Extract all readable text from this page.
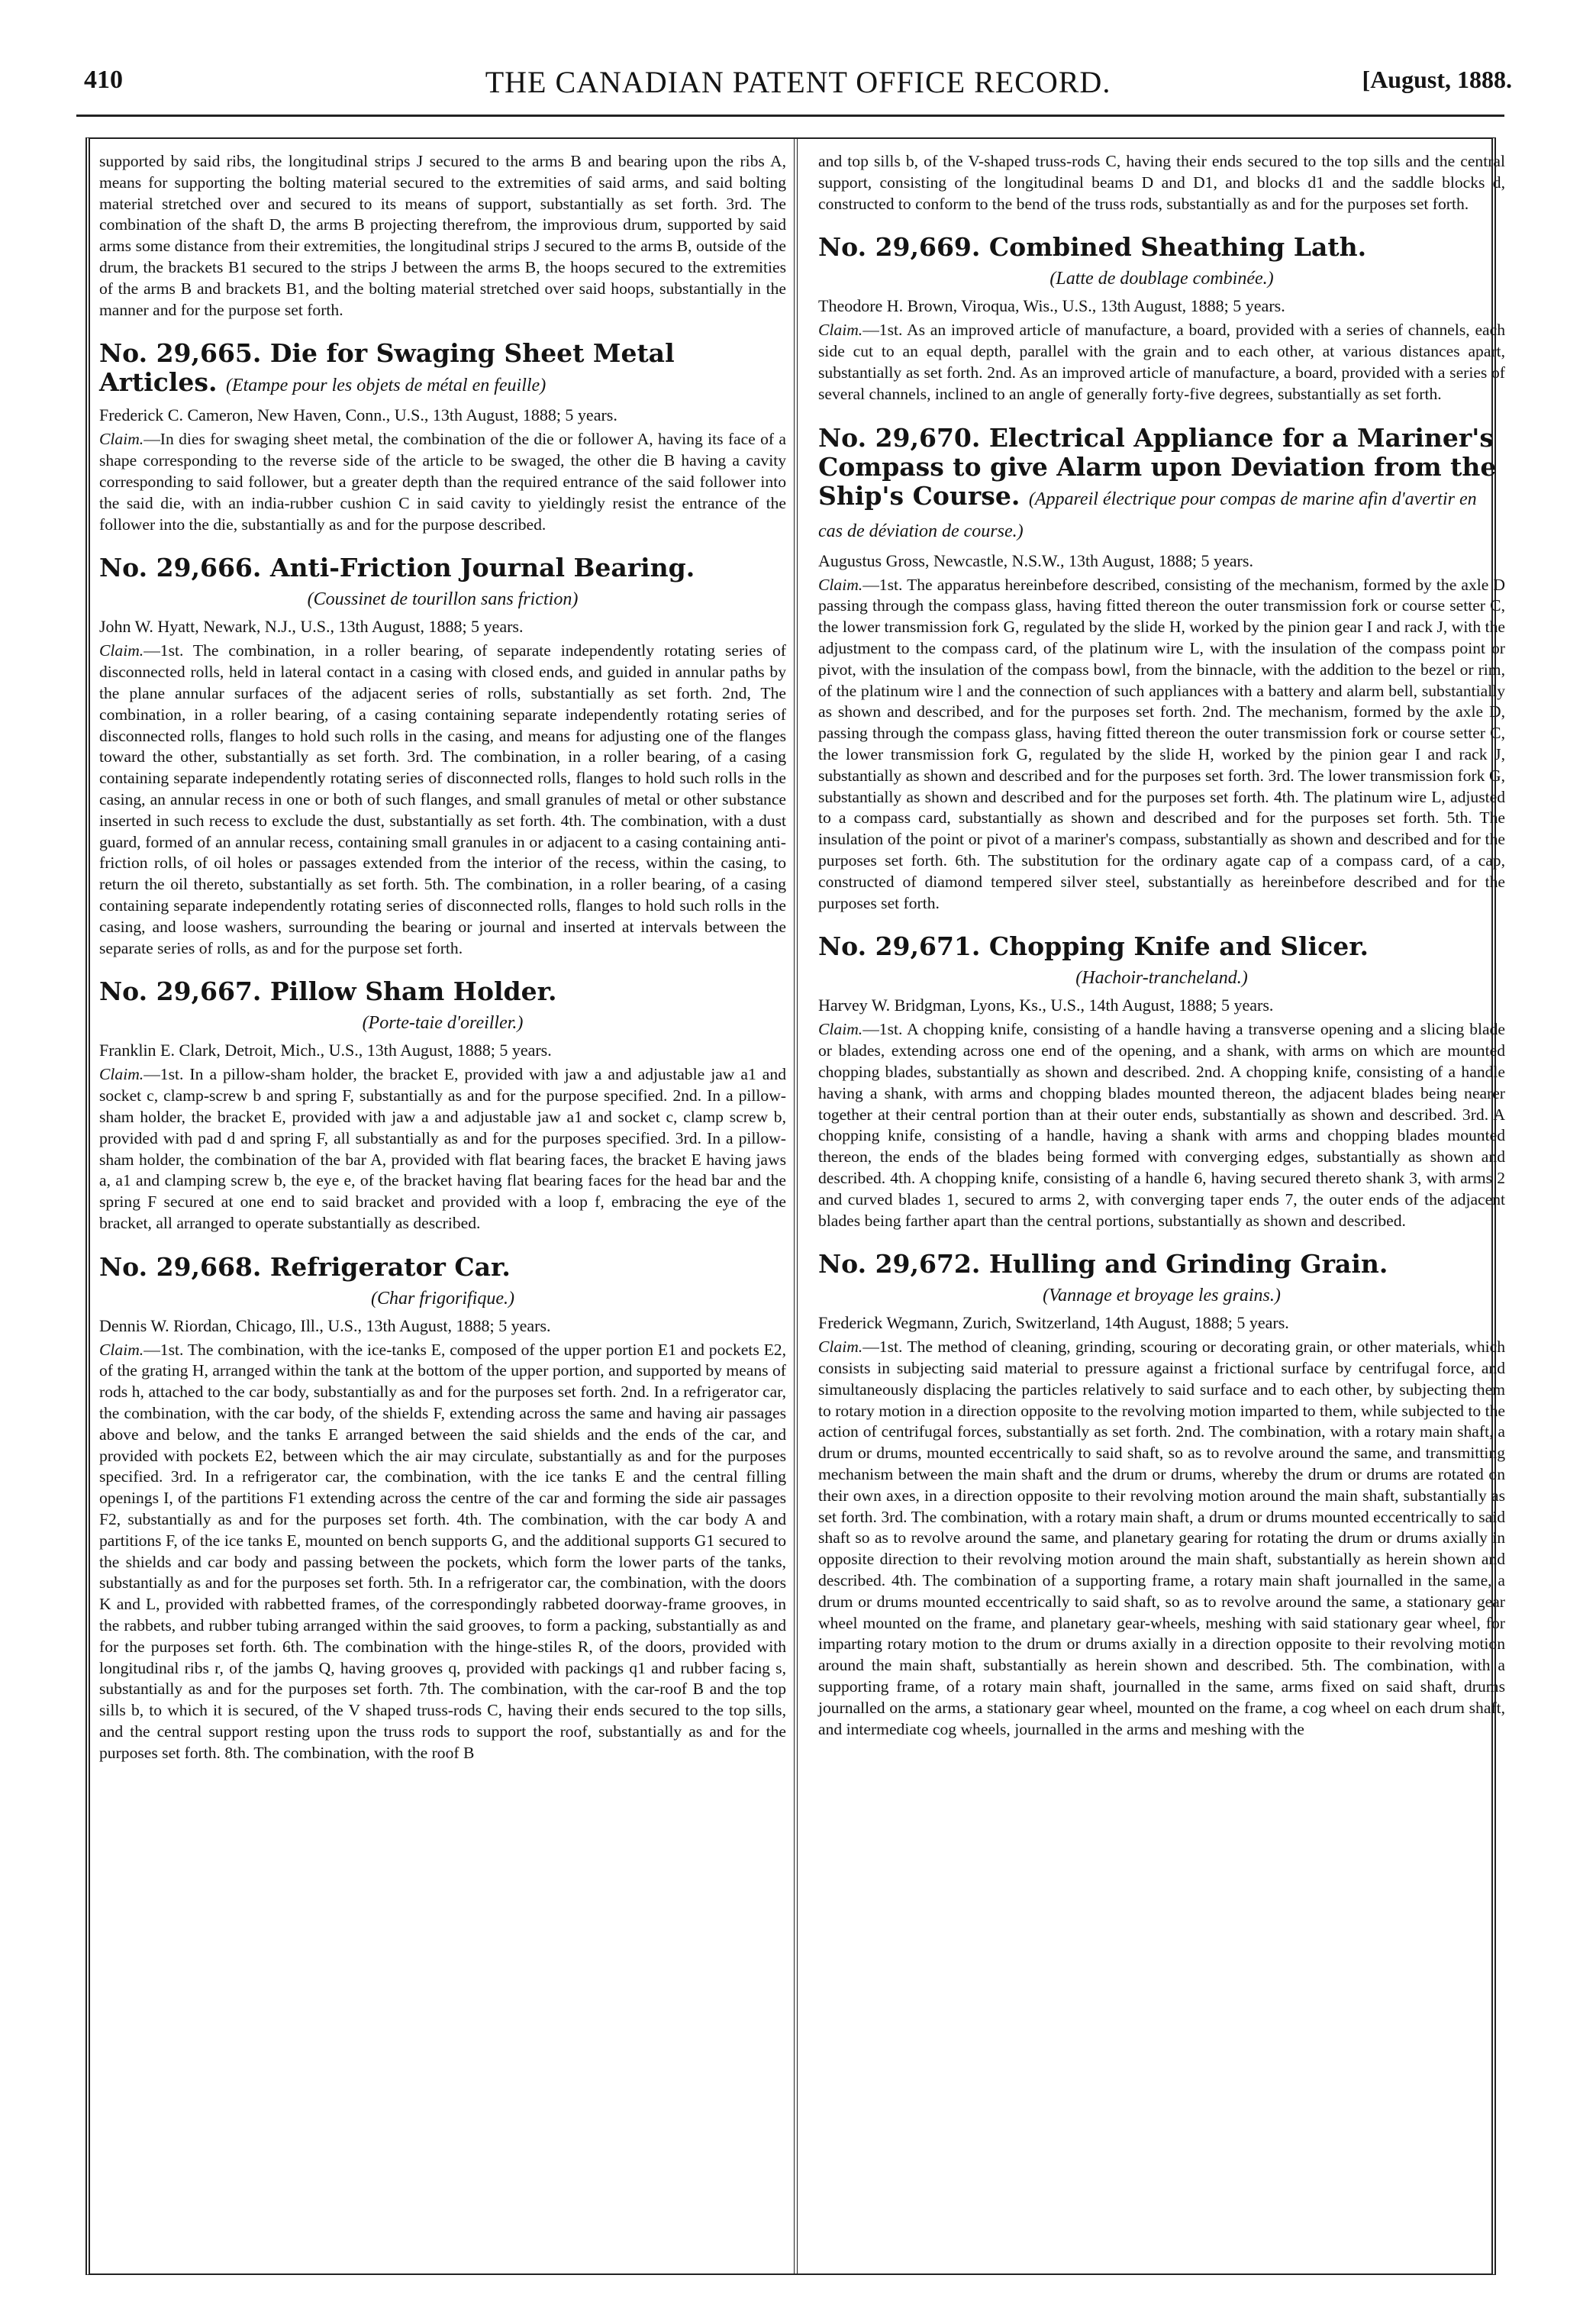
410	THE CANADIAN PATENT OFFICE RECORD.	[August, 1888.

supported by said ribs, the longitudinal strips J secured to the arms B and bearing upon the ribs A, means for supporting the bolting material secured to the extremities of said arms, and said bolting material stretched over and secured to its means of support, substantially as set forth. 3rd. The combination of the shaft D, the arms B projecting therefrom, the improvious drum, supported by said arms some distance from their extremities, the longitudinal strips J secured to the arms B, outside of the drum, the brackets B1 secured to the strips J between the arms B, the hoops secured to the extremities of the arms B and brackets B1, and the bolting material stretched over said hoops, substantially in the manner and for the purpose set forth.

No. 29,665. Die for Swaging Sheet Metal Articles. (Etampe pour les objets de métal en feuille)

Frederick C. Cameron, New Haven, Conn., U.S., 13th August, 1888; 5 years.

Claim.—In dies for swaging sheet metal, the combination of the die or follower A, having its face of a shape corresponding to the reverse side of the article to be swaged, the other die B having a cavity corresponding to said follower, but a greater depth than the required entrance of the said follower into the said die, with an india-rubber cushion C in said cavity to yieldingly resist the entrance of the follower into the die, substantially as and for the purpose described.

No. 29,666. Anti-Friction Journal Bearing.

(Coussinet de tourillon sans friction)

John W. Hyatt, Newark, N.J., U.S., 13th August, 1888; 5 years.

Claim.—1st. The combination, in a roller bearing, of separate independently rotating series of disconnected rolls, held in lateral contact in a casing with closed ends, and guided in annular paths by the plane annular surfaces of the adjacent series of rolls, substantially as set forth. 2nd, The combination, in a roller bearing, of a casing containing separate independently rotating series of disconnected rolls, flanges to hold such rolls in the casing, and means for adjusting one of the flanges toward the other, substantially as set forth. 3rd. The combination, in a roller bearing, of a casing containing separate independently rotating series of disconnected rolls, flanges to hold such rolls in the casing, an annular recess in one or both of such flanges, and small granules of metal or other substance inserted in such recess to exclude the dust, substantially as set forth. 4th. The combination, with a dust guard, formed of an annular recess, containing small granules in or adjacent to a casing containing anti-friction rolls, of oil holes or passages extended from the interior of the recess, within the casing, to return the oil thereto, substantially as set forth. 5th. The combination, in a roller bearing, of a casing containing separate independently rotating series of disconnected rolls, flanges to hold such rolls in the casing, and loose washers, surrounding the bearing or journal and inserted at intervals between the separate series of rolls, as and for the purpose set forth.

No. 29,667. Pillow Sham Holder.

(Porte-taie d'oreiller.)

Franklin E. Clark, Detroit, Mich., U.S., 13th August, 1888; 5 years.

Claim.—1st. In a pillow-sham holder, the bracket E, provided with jaw a and adjustable jaw a1 and socket c, clamp-screw b and spring F, substantially as and for the purpose specified. 2nd. In a pillow-sham holder, the bracket E, provided with jaw a and adjustable jaw a1 and socket c, clamp screw b, provided with pad d and spring F, all substantially as and for the purposes specified. 3rd. In a pillow-sham holder, the combination of the bar A, provided with flat bearing faces, the bracket E having jaws a, a1 and clamping screw b, the eye e, of the bracket having flat bearing faces for the head bar and the spring F secured at one end to said bracket and provided with a loop f, embracing the eye of the bracket, all arranged to operate substantially as described.

No. 29,668. Refrigerator Car.

(Char frigorifique.)

Dennis W. Riordan, Chicago, Ill., U.S., 13th August, 1888; 5 years.

Claim.—1st. The combination, with the ice-tanks E, composed of the upper portion E1 and pockets E2, of the grating H, arranged within the tank at the bottom of the upper portion, and supported by means of rods h, attached to the car body, substantially as and for the purposes set forth. 2nd. In a refrigerator car, the combination, with the car body, of the shields F, extending across the same and having air passages above and below, and the tanks E arranged between the said shields and the ends of the car, and provided with pockets E2, between which the air may circulate, substantially as and for the purposes specified. 3rd. In a refrigerator car, the combination, with the ice tanks E and the central filling openings I, of the partitions F1 extending across the centre of the car and forming the side air passages F2, substantially as and for the purposes set forth. 4th. The combination, with the car body A and partitions F, of the ice tanks E, mounted on bench supports G, and the additional supports G1 secured to the shields and car body and passing between the pockets, which form the lower parts of the tanks, substantially as and for the purposes set forth. 5th. In a refrigerator car, the combination, with the doors K and L, provided with rabbetted frames, of the correspondingly rabbeted doorway-frame grooves, in the rabbets, and rubber tubing arranged within the said grooves, to form a packing, substantially as and for the purposes set forth. 6th. The combination with the hinge-stiles R, of the doors, provided with longitudinal ribs r, of the jambs Q, having grooves q, provided with packings q1 and rubber facing s, substantially as and for the purposes set forth. 7th. The combination, with the car-roof B and the top sills b, to which it is secured, of the V shaped truss-rods C, having their ends secured to the top sills, and the central support resting upon the truss rods to support the roof, substantially as and for the purposes set forth. 8th. The combination, with the roof B

and top sills b, of the V-shaped truss-rods C, having their ends secured to the top sills and the central support, consisting of the longitudinal beams D and D1, and blocks d1 and the saddle blocks d, constructed to conform to the bend of the truss rods, substantially as and for the purposes set forth.

No. 29,669. Combined Sheathing Lath.

(Latte de doublage combinée.)

Theodore H. Brown, Viroqua, Wis., U.S., 13th August, 1888; 5 years.

Claim.—1st. As an improved article of manufacture, a board, provided with a series of channels, each side cut to an equal depth, parallel with the grain and to each other, at various distances apart, substantially as set forth. 2nd. As an improved article of manufacture, a board, provided with a series of several channels, inclined to an angle of generally forty-five degrees, substantially as set forth.

No. 29,670. Electrical Appliance for a Mariner's Compass to give Alarm upon Deviation from the Ship's Course. (Appareil électrique pour compas de marine afin d'avertir en cas de déviation de course.)

Augustus Gross, Newcastle, N.S.W., 13th August, 1888; 5 years.

Claim.—1st. The apparatus hereinbefore described, consisting of the mechanism, formed by the axle D passing through the compass glass, having fitted thereon the outer transmission fork or course setter C, the lower transmission fork G, regulated by the slide H, worked by the pinion gear I and rack J, with the adjustment to the compass card, of the platinum wire L, with the insulation of the compass point or pivot, with the insulation of the compass bowl, from the binnacle, with the addition to the bezel or rim, of the platinum wire l and the connection of such appliances with a battery and alarm bell, substantially as shown and described, and for the purposes set forth. 2nd. The mechanism, formed by the axle D, passing through the compass glass, having fitted thereon the outer transmission fork or course setter C, the lower transmission fork G, regulated by the slide H, worked by the pinion gear I and rack J, substantially as shown and described and for the purposes set forth. 3rd. The lower transmission fork G, substantially as shown and described and for the purposes set forth. 4th. The platinum wire L, adjusted to a compass card, substantially as shown and described and for the purposes set forth. 5th. The insulation of the point or pivot of a mariner's compass, substantially as shown and described and for the purposes set forth. 6th. The substitution for the ordinary agate cap of a compass card, of a cap, constructed of diamond tempered silver steel, substantially as hereinbefore described and for the purposes set forth.

No. 29,671. Chopping Knife and Slicer.

(Hachoir-trancheland.)

Harvey W. Bridgman, Lyons, Ks., U.S., 14th August, 1888; 5 years.

Claim.—1st. A chopping knife, consisting of a handle having a transverse opening and a slicing blade or blades, extending across one end of the opening, and a shank, with arms on which are mounted chopping blades, substantially as shown and described. 2nd. A chopping knife, consisting of a handle having a shank, with arms and chopping blades mounted thereon, the adjacent blades being nearer together at their central portion than at their outer ends, substantially as shown and described. 3rd. A chopping knife, consisting of a handle, having a shank with arms and chopping blades mounted thereon, the ends of the blades being formed with converging edges, substantially as shown and described. 4th. A chopping knife, consisting of a handle 6, having secured thereto shank 3, with arms 2 and curved blades 1, secured to arms 2, with converging taper ends 7, the outer ends of the adjacent blades being farther apart than the central portions, substantially as shown and described.

No. 29,672. Hulling and Grinding Grain.

(Vannage et broyage les grains.)

Frederick Wegmann, Zurich, Switzerland, 14th August, 1888; 5 years.

Claim.—1st. The method of cleaning, grinding, scouring or decorating grain, or other materials, which consists in subjecting said material to pressure against a frictional surface by centrifugal force, and simultaneously displacing the particles relatively to said surface and to each other, by subjecting them to rotary motion in a direction opposite to the revolving motion imparted to them, while subjected to the action of centrifugal forces, substantially as set forth. 2nd. The combination, with a rotary main shaft, a drum or drums, mounted eccentrically to said shaft, so as to revolve around the same, and transmitting mechanism between the main shaft and the drum or drums, whereby the drum or drums are rotated on their own axes, in a direction opposite to their revolving motion around the main shaft, substantially as set forth. 3rd. The combination, with a rotary main shaft, a drum or drums mounted eccentrically to said shaft so as to revolve around the same, and planetary gearing for rotating the drum or drums axially in opposite direction to their revolving motion around the main shaft, substantially as herein shown and described. 4th. The combination of a supporting frame, a rotary main shaft journalled in the same, a drum or drums mounted eccentrically to said shaft, so as to revolve around the same, a stationary gear wheel mounted on the frame, and planetary gear-wheels, meshing with said stationary gear wheel, for imparting rotary motion to the drum or drums axially in a direction opposite to their revolving motion around the main shaft, substantially as herein shown and described. 5th. The combination, with a supporting frame, of a rotary main shaft, journalled in the same, arms fixed on said shaft, drums journalled on the arms, a stationary gear wheel, mounted on the frame, a cog wheel on each drum shaft, and intermediate cog wheels, journalled in the arms and meshing with the
